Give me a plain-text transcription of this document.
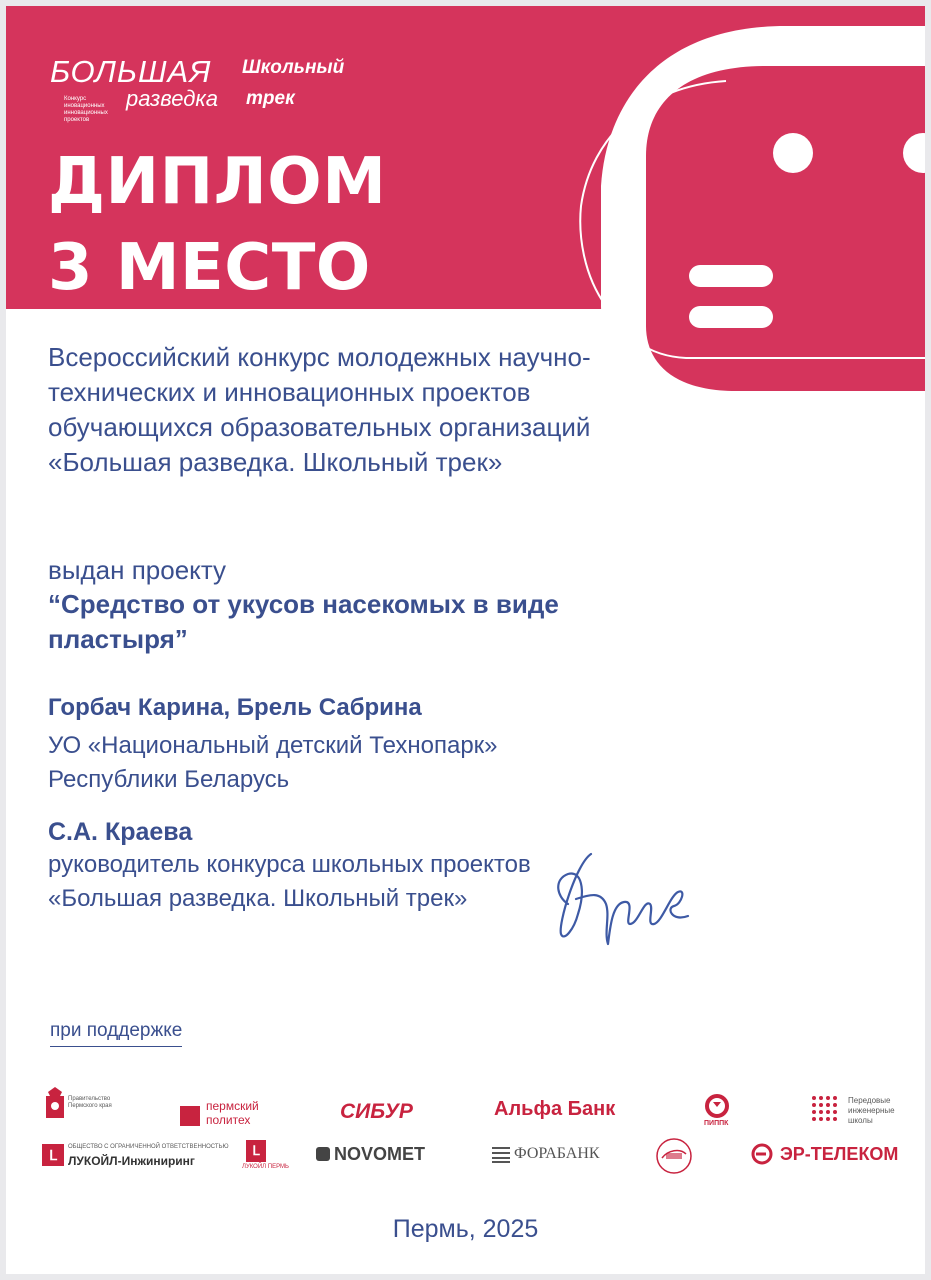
БОЛЬШАЯ Школьный
Конкурс иновационных инновационных проектов
разведка трек
ДИПЛОМ
3 МЕСТО
Всероссийский конкурс молодежных научно-технических и инновационных проектов обучающихся образовательных организаций «Большая разведка. Школьный трек»
выдан проекту
“Средство от укусов насекомых в виде пластыря”
Горбач Карина, Брель Сабрина
УО «Национальный детский Технопарк»
Республики Беларусь
С.А. Краева
руководитель конкурса школьных проектов «Большая разведка. Школьный трек»
при поддержке
Правительство Пермского края	пермский
политех	СИБУР	Альфа Банк
ПИППК
Передовые инженерные школы
Ⅼ	ОБЩЕСТВО С ОГРАНИЧЕННОЙ ОТВЕТСТВЕННОСТЬЮ
ЛУКОЙЛ-Инжиниринг
Ⅼ
ЛУКОЙЛ ПЕРМЬ
NOVOMET	ФОРАБАНК	ЭР-ТЕЛЕКОМ
Пермь, 2025
